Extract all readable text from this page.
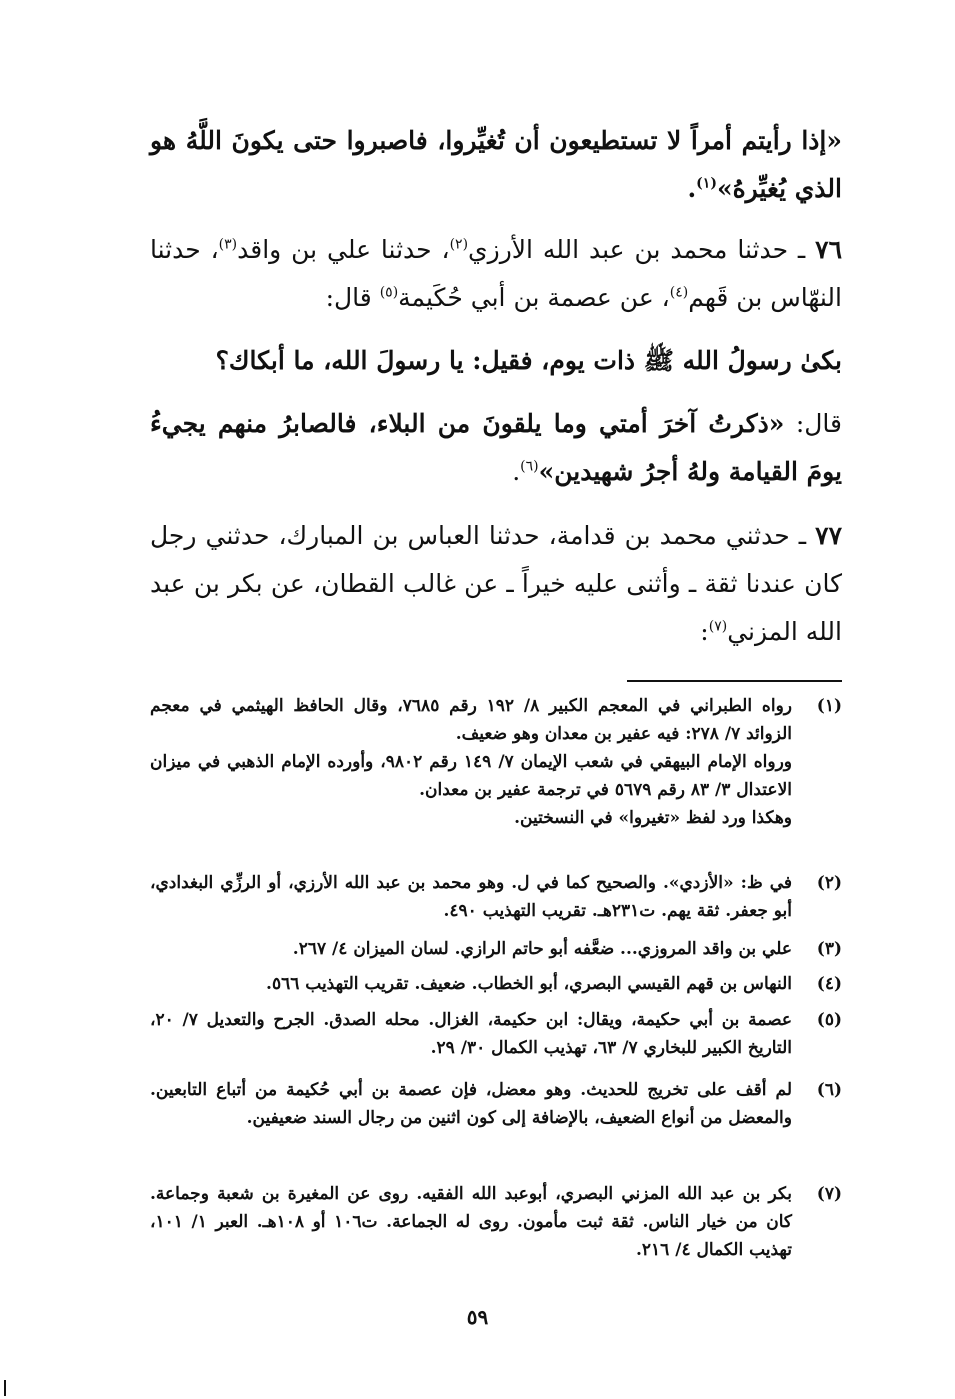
«إذا رأيتم أمراً لا تستطيعون أن تُغيِّروا، فاصبروا حتى يكونَ اللَّهُ هو الذي يُغيِّرهُ»$^{(١)}$.
٧٦ ـ حدثنا محمد بن عبد الله الأرزي$^{(٢)}$، حدثنا علي بن واقد$^{(٣)}$، حدثنا النهّاس بن قَهم$^{(٤)}$، عن عصمة بن أبي حُكَيمة$^{(٥)}$ قال:
بكىٰ رسولُ الله ﷺ ذات يوم، فقيل: يا رسولَ الله، ما أبكاك؟
قال: «ذكرتُ آخرَ أمتي وما يلقونَ من البلاء، فالصابرُ منهم يجيءُ يومَ القيامة ولهُ أجرُ شهيدين»$^{(٦)}$.
٧٧ ـ حدثني محمد بن قدامة، حدثنا العباس بن المبارك، حدثني رجل كان عندنا ثقة ـ وأثنى عليه خيراً ـ عن غالب القطان، عن بكر بن عبد الله المزني$^{(٧)}$:
(١)
رواه الطبراني في المعجم الكبير ٨/ ١٩٢ رقم ٧٦٨٥، وقال الحافظ الهيثمي في معجم الزوائد ٧/ ٢٧٨: فيه عفير بن معدان وهو ضعيف.
ورواه الإمام البيهقي في شعب الإيمان ٧/ ١٤٩ رقم ٩٨٠٢، وأورده الإمام الذهبي في ميزان الاعتدال ٣/ ٨٣ رقم ٥٦٧٩ في ترجمة عفير بن معدان.
وهكذا ورد لفظ «تغيروا» في النسختين.
(٢)
في ظ: «الأزدي». والصحيح كما في ل. وهو محمد بن عبد الله الأرزي، أو الرزِّي البغدادي، أبو جعفر. ثقة يهم. ت٢٣١هـ. تقريب التهذيب ٤٩٠.
(٣)
علي بن واقد المروزي... ضعَّفه أبو حاتم الرازي. لسان الميزان ٤/ ٢٦٧.
(٤)
النهاس بن قهم القيسي البصري، أبو الخطاب. ضعيف. تقريب التهذيب ٥٦٦.
(٥)
عصمة بن أبي حكيمة، ويقال: ابن حكيمة، الغزال. محله الصدق. الجرح والتعديل ٧/ ٢٠، التاريخ الكبير للبخاري ٧/ ٦٣، تهذيب الكمال ٣٠/ ٢٩.
(٦)
لم أقف على تخريج للحديث. وهو معضل، فإن عصمة بن أبي حُكيمة من أتباع التابعين. والمعضل من أنواع الضعيف، بالإضافة إلى كون اثنين من رجال السند ضعيفين.
(٧)
بكر بن عبد الله المزني البصري، أبوعبد الله الفقيه. روى عن المغيرة بن شعبة وجماعة. كان من خيار الناس. ثقة ثبت مأمون. روى له الجماعة. ت١٠٦ أو ١٠٨هـ. العبر ١/ ١٠١، تهذيب الكمال ٤/ ٢١٦.
٥٩
